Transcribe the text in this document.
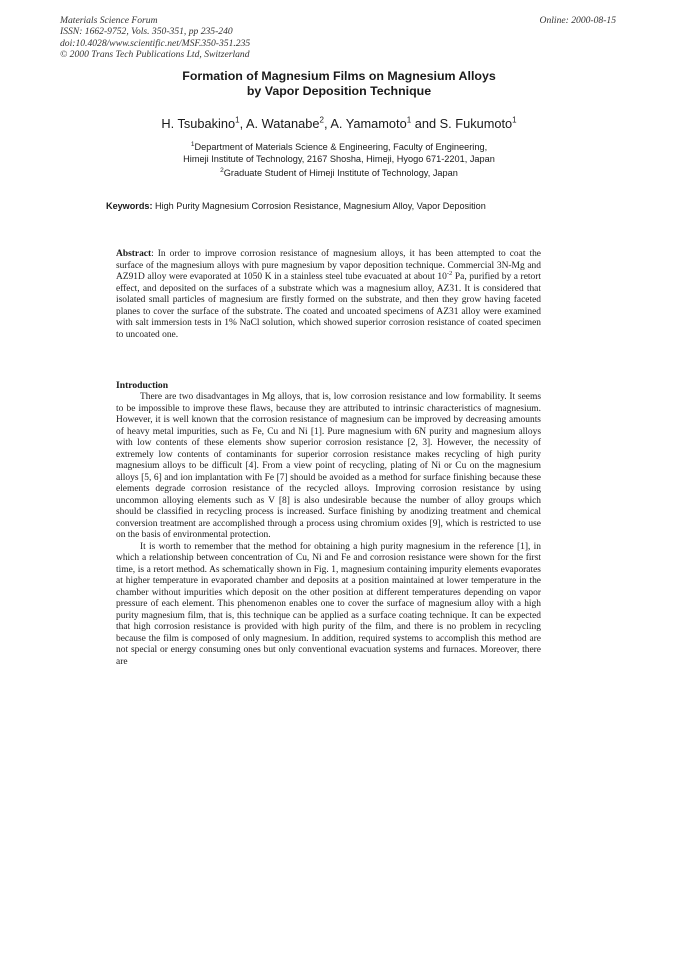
Materials Science Forum
ISSN: 1662-9752, Vols. 350-351, pp 235-240
doi:10.4028/www.scientific.net/MSF.350-351.235
© 2000 Trans Tech Publications Ltd, Switzerland
Online: 2000-08-15
Formation of Magnesium Films on Magnesium Alloys
by Vapor Deposition Technique
H. Tsubakino$^1$, A. Watanabe$^2$, A. Yamamoto$^1$ and S. Fukumoto$^1$
$^1$Department of Materials Science & Engineering, Faculty of Engineering,
Himeji Institute of Technology, 2167 Shosha, Himeji, Hyogo 671-2201, Japan
$^2$Graduate Student of Himeji Institute of Technology, Japan
Keywords: High Purity Magnesium Corrosion Resistance, Magnesium Alloy, Vapor Deposition
Abstract: In order to improve corrosion resistance of magnesium alloys, it has been attempted to coat the surface of the magnesium alloys with pure magnesium by vapor deposition technique. Commercial 3N-Mg and AZ91D alloy were evaporated at 1050 K in a stainless steel tube evacuated at about $10^{-2}$ Pa, purified by a retort effect, and deposited on the surfaces of a substrate which was a magnesium alloy, AZ31. It is considered that isolated small particles of magnesium are firstly formed on the substrate, and then they grow having faceted planes to cover the surface of the substrate. The coated and uncoated specimens of AZ31 alloy were examined with salt immersion tests in 1% NaCl solution, which showed superior corrosion resistance of coated specimen to uncoated one.
Introduction

There are two disadvantages in Mg alloys, that is, low corrosion resistance and low formability. It seems to be impossible to improve these flaws, because they are attributed to intrinsic characteristics of magnesium. However, it is well known that the corrosion resistance of magnesium can be improved by decreasing amounts of heavy metal impurities, such as Fe, Cu and Ni [1]. Pure magnesium with 6N purity and magnesium alloys with low contents of these elements show superior corrosion resistance [2, 3]. However, the necessity of extremely low contents of contaminants for superior corrosion resistance makes recycling of high purity magnesium alloys to be difficult [4]. From a view point of recycling, plating of Ni or Cu on the magnesium alloys [5, 6] and ion implantation with Fe [7] should be avoided as a method for surface finishing because these elements degrade corrosion resistance of the recycled alloys. Improving corrosion resistance by using uncommon alloying elements such as V [8] is also undesirable because the number of alloy groups which should be classified in recycling process is increased. Surface finishing by anodizing treatment and chemical conversion treatment are accomplished through a process using chromium oxides [9], which is restricted to use on the basis of environmental protection.

It is worth to remember that the method for obtaining a high purity magnesium in the reference [1], in which a relationship between concentration of Cu, Ni and Fe and corrosion resistance were shown for the first time, is a retort method. As schematically shown in Fig. 1, magnesium containing impurity elements evaporates at higher temperature in evaporated chamber and deposits at a position maintained at lower temperature in the chamber without impurities which deposit on the other position at different temperatures depending on vapor pressure of each element. This phenomenon enables one to cover the surface of magnesium alloy with a high purity magnesium film, that is, this technique can be applied as a surface coating technique. It can be expected that high corrosion resistance is provided with high purity of the film, and there is no problem in recycling because the film is composed of only magnesium. In addition, required systems to accomplish this method are not special or energy consuming ones but only conventional evacuation systems and furnaces. Moreover, there are
